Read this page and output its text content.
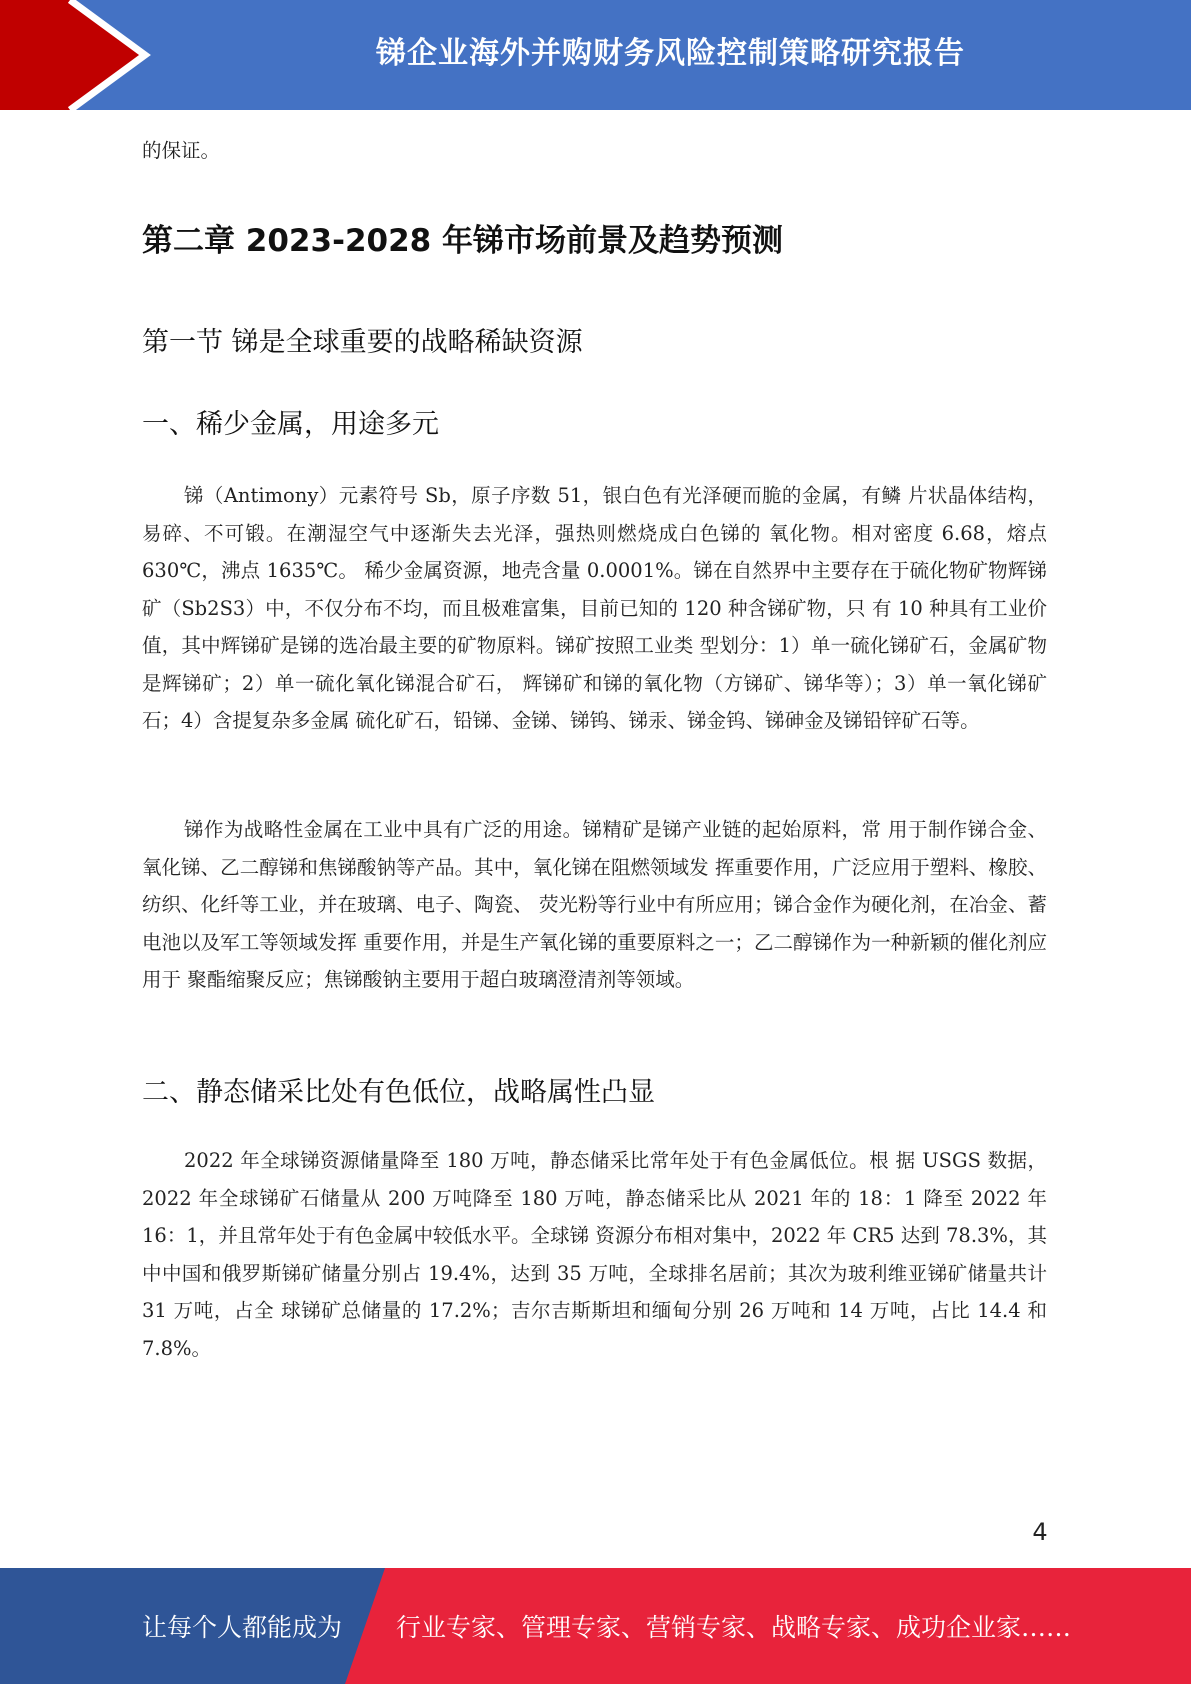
锑企业海外并购财务风险控制策略研究报告
的保证。
第二章 2023-2028 年锑市场前景及趋势预测
第一节 锑是全球重要的战略稀缺资源
一、稀少金属，用途多元
锑（Antimony）元素符号 Sb，原子序数 51，银白色有光泽硬而脆的金属，有鳞 片状晶体结构，易碎、不可锻。在潮湿空气中逐渐失去光泽，强热则燃烧成白色锑的 氧化物。相对密度 6.68，熔点 630℃，沸点 1635℃。 稀少金属资源，地壳含量 0.0001%。锑在自然界中主要存在于硫化物矿物辉锑 矿（Sb2S3）中，不仅分布不均，而且极难富集，目前已知的 120 种含锑矿物，只 有 10 种具有工业价值，其中辉锑矿是锑的选冶最主要的矿物原料。锑矿按照工业类 型划分：1）单一硫化锑矿石，金属矿物是辉锑矿；2）单一硫化氧化锑混合矿石， 辉锑矿和锑的氧化物（方锑矿、锑华等）；3）单一氧化锑矿石；4）含提复杂多金属 硫化矿石，铅锑、金锑、锑钨、锑汞、锑金钨、锑砷金及锑铅锌矿石等。
锑作为战略性金属在工业中具有广泛的用途。锑精矿是锑产业链的起始原料，常 用于制作锑合金、氧化锑、乙二醇锑和焦锑酸钠等产品。其中，氧化锑在阻燃领域发 挥重要作用，广泛应用于塑料、橡胶、纺织、化纤等工业，并在玻璃、电子、陶瓷、 荧光粉等行业中有所应用；锑合金作为硬化剂，在冶金、蓄电池以及军工等领域发挥 重要作用，并是生产氧化锑的重要原料之一；乙二醇锑作为一种新颖的催化剂应用于 聚酯缩聚反应；焦锑酸钠主要用于超白玻璃澄清剂等领域。
二、静态储采比处有色低位，战略属性凸显
2022 年全球锑资源储量降至 180 万吨，静态储采比常年处于有色金属低位。根 据 USGS 数据，2022 年全球锑矿石储量从 200 万吨降至 180 万吨，静态储采比从 2021 年的 18：1 降至 2022 年 16：1，并且常年处于有色金属中较低水平。全球锑 资源分布相对集中，2022 年 CR5 达到 78.3%，其中中国和俄罗斯锑矿储量分别占 19.4%，达到 35 万吨，全球排名居前；其次为玻利维亚锑矿储量共计 31 万吨，占全 球锑矿总储量的 17.2%；吉尔吉斯斯坦和缅甸分别 26 万吨和 14 万吨，占比 14.4 和 7.8%。
4
让每个人都能成为 行业专家、管理专家、营销专家、战略专家、成功企业家……
